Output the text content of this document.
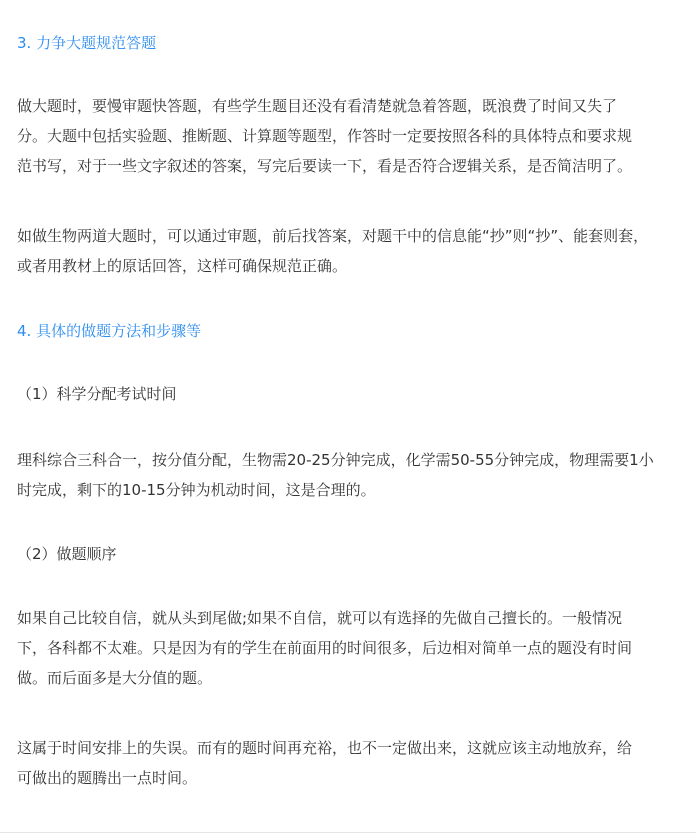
3. 力争大题规范答题

做大题时，要慢审题快答题，有些学生题目还没有看清楚就急着答题，既浪费了时间又失了
分。大题中包括实验题、推断题、计算题等题型，作答时一定要按照各科的具体特点和要求规
范书写，对于一些文字叙述的答案，写完后要读一下，看是否符合逻辑关系，是否简洁明了。

如做生物两道大题时，可以通过审题，前后找答案，对题干中的信息能“抄”则“抄”、能套则套，
或者用教材上的原话回答，这样可确保规范正确。

4. 具体的做题方法和步骤等

（1）科学分配考试时间

理科综合三科合一，按分值分配，生物需20-25分钟完成，化学需50-55分钟完成，物理需要1小
时完成，剩下的10-15分钟为机动时间，这是合理的。

（2）做题顺序

如果自己比较自信，就从头到尾做;如果不自信，就可以有选择的先做自己擅长的。一般情况
下，各科都不太难。只是因为有的学生在前面用的时间很多，后边相对简单一点的题没有时间
做。而后面多是大分值的题。

这属于时间安排上的失误。而有的题时间再充裕，也不一定做出来，这就应该主动地放弃，给
可做出的题腾出一点时间。
